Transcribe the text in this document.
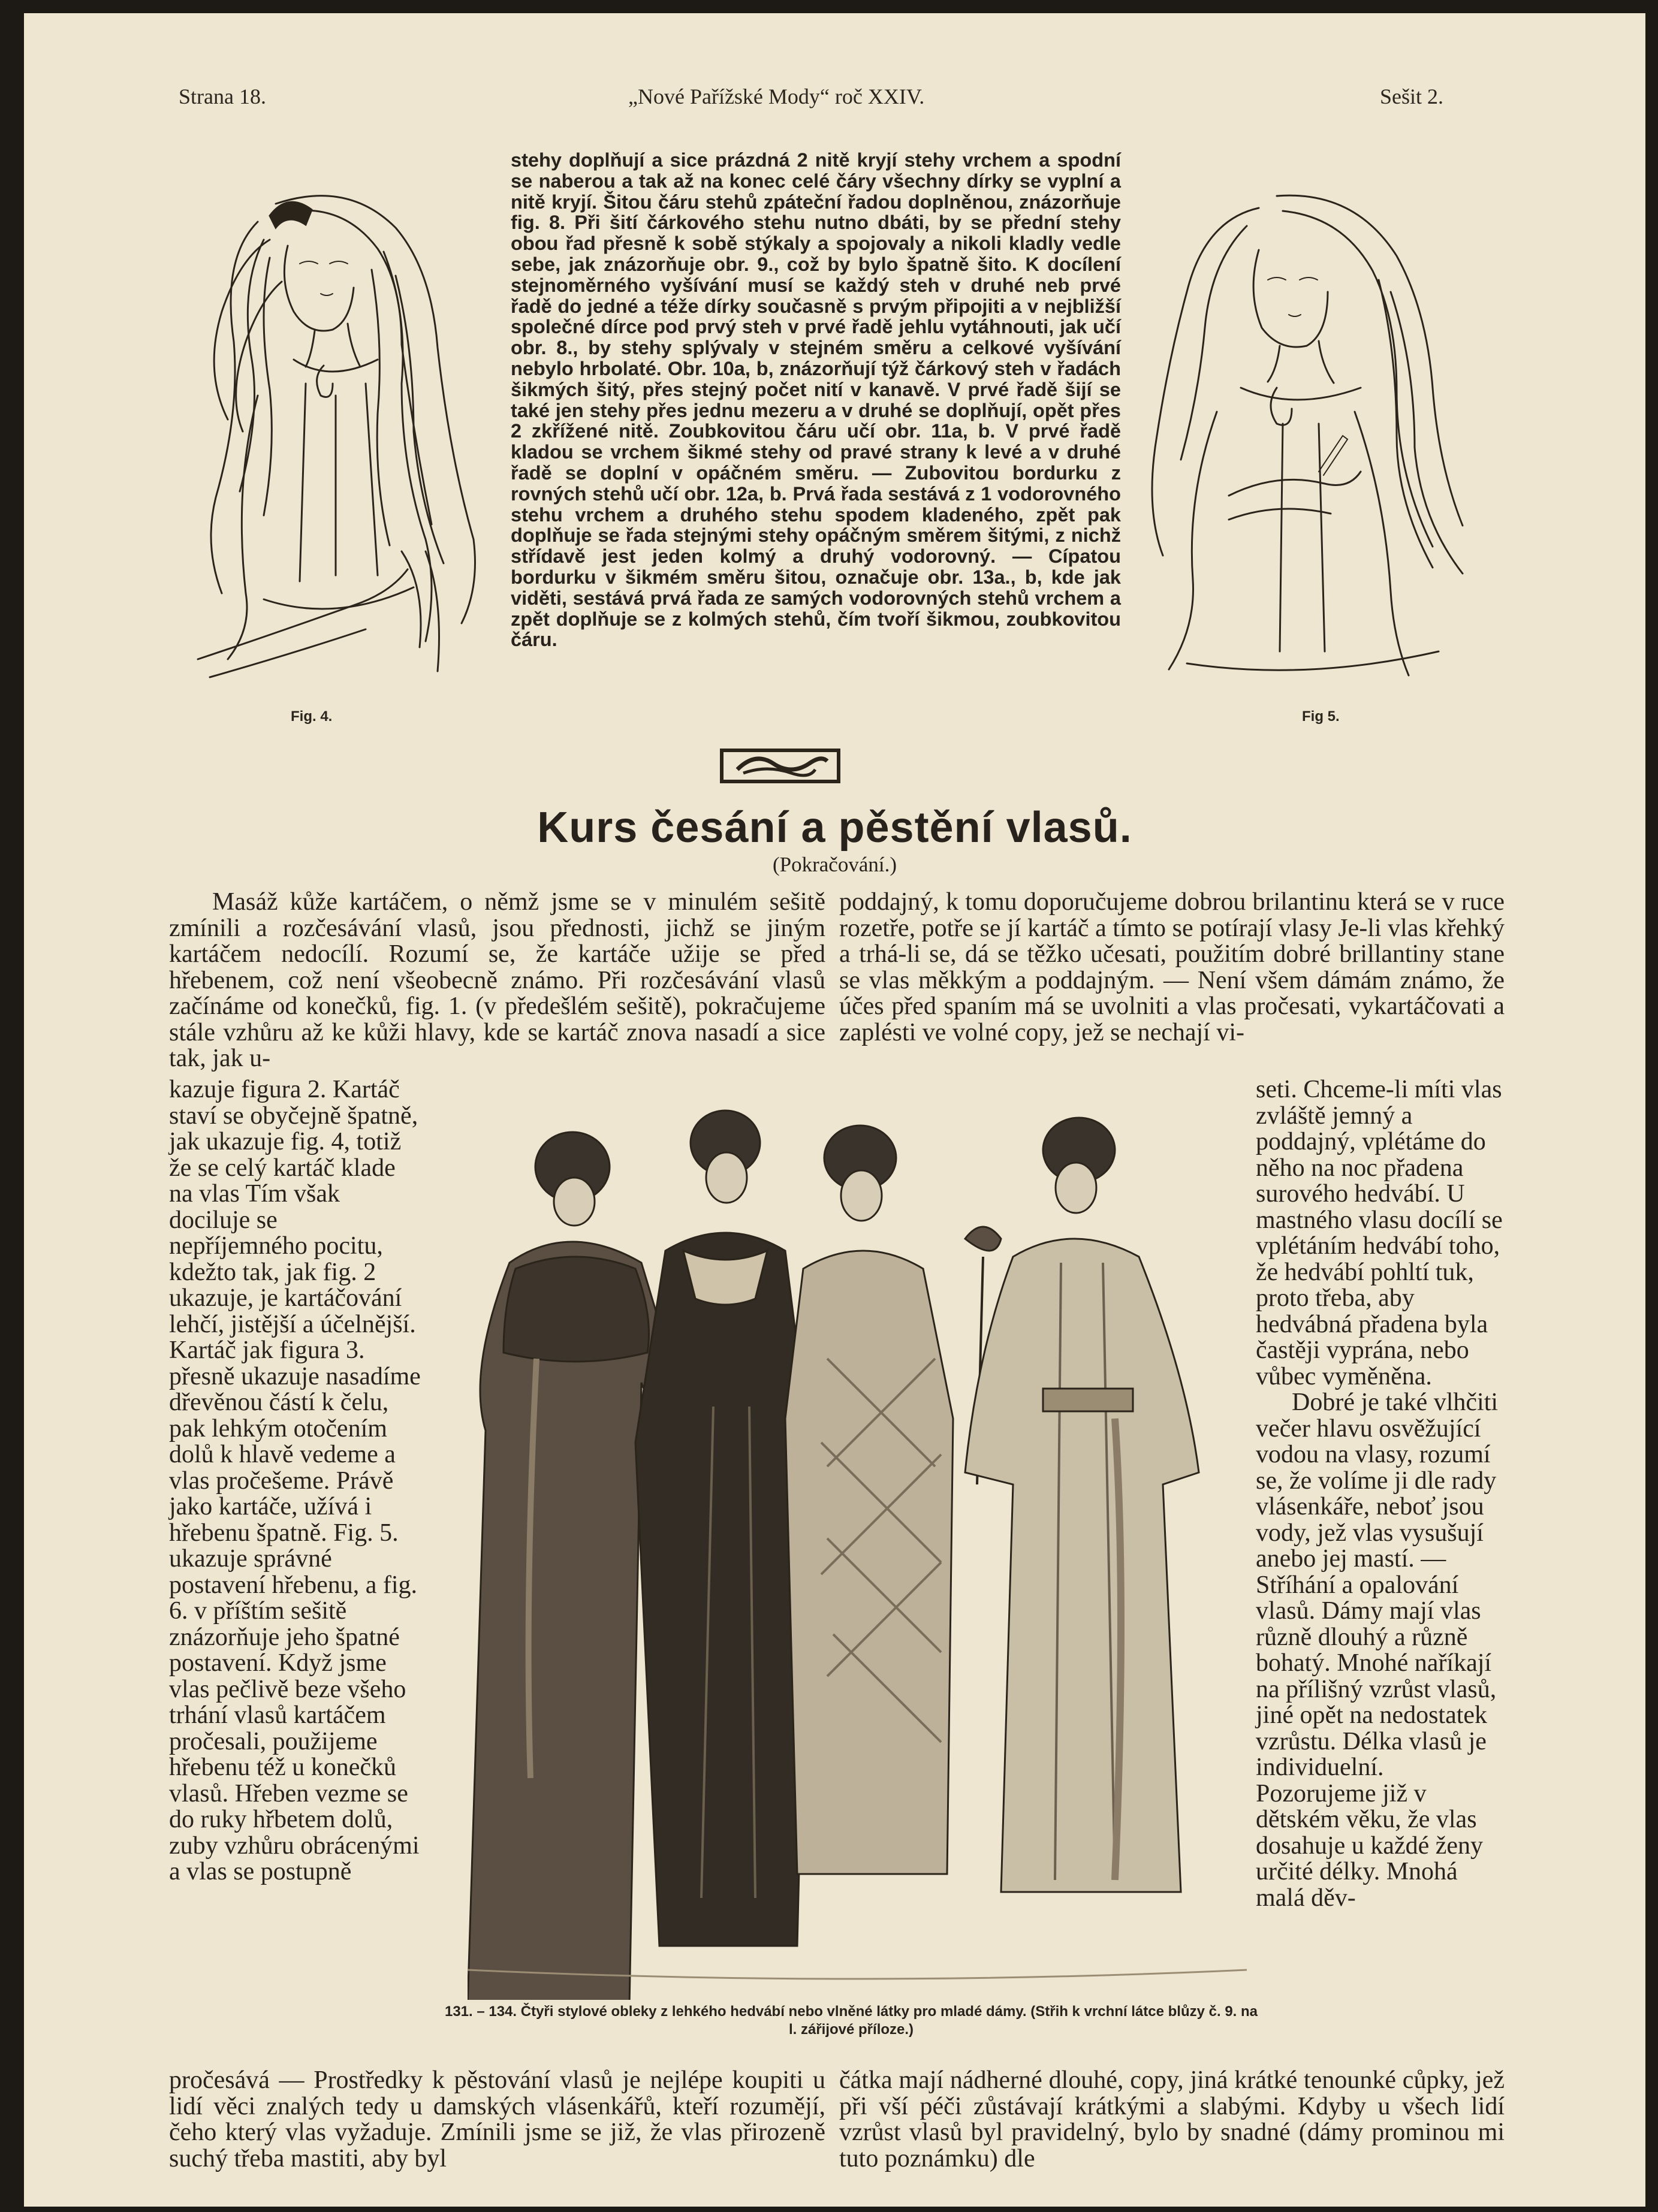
Strana 18.	„Nové Pařížské Mody“ roč XXIV.	Sešit 2.
Fig. 4.	Fig 5.

stehy doplňují a sice prázdná 2 nitě kryjí stehy vrchem a spodní se naberou a tak až na konec celé čáry všechny dírky se vyplní a nitě kryjí. Šitou čáru stehů zpáteční řadou doplněnou, znázorňuje fig. 8. Při šití čárkového stehu nutno dbáti, by se přední stehy obou řad přesně k sobě stýkaly a spojovaly a nikoli kladly vedle sebe, jak znázorňuje obr. 9., což by bylo špatně šito. K docílení stejnoměrného vyšívání musí se každý steh v druhé neb prvé řadě do jedné a téže dírky současně s prvým připojiti a v nejbližší společné dírce pod prvý steh v prvé řadě jehlu vytáhnouti, jak učí obr. 8., by stehy splývaly v stejném směru a celkové vyšívání nebylo hrbolaté. Obr. 10a, b, znázorňují týž čárkový steh v řadách šikmých šitý, přes stejný počet nití v kanavě. V prvé řadě šijí se také jen stehy přes jednu mezeru a v druhé se doplňují, opět přes 2 zkřížené nitě. Zoubkovitou čáru učí obr. 11a, b. V prvé řadě kladou se vrchem šikmé stehy od pravé strany k levé a v druhé řadě se doplní v opáčném směru. — Zubovitou bordurku z rovných stehů učí obr. 12a, b. Prvá řada sestává z 1 vodorovného stehu vrchem a druhého stehu spodem kladeného, zpět pak doplňuje se řada stejnými stehy opáčným směrem šitými, z nichž střídavě jest jeden kolmý a druhý vodorovný. — Cípatou bordurku v šikmém směru šitou, označuje obr. 13a., b, kde jak viděti, sestává prvá řada ze samých vodorovných stehů vrchem a zpět doplňuje se z kolmých stehů, čím tvoří šikmou, zoubkovitou čáru.

Kurs česání a pěstění vlasů.
(Pokračování.)

Masáž kůže kartáčem, o němž jsme se v minulém sešitě zmínili a rozčesávání vlasů, jsou přednosti, jichž se jiným kartáčem nedocílí. Rozumí se, že kartáče užije se před hřebenem, což není všeobecně známo. Při rozčesávání vlasů začínáme od konečků, fig. 1. (v předešlém sešitě), pokračujeme stále vzhůru až ke kůži hlavy, kde se kartáč znova nasadí a sice tak, jak u-

poddajný, k tomu doporučujeme dobrou brilantinu která se v ruce rozetře, potře se jí kartáč a tímto se potírají vlasy Je-li vlas křehký a trhá-li se, dá se těžko učesati, použitím dobré brillantiny stane se vlas měkkým a poddajným. — Není všem dámám známo, že účes před spaním má se uvolniti a vlas pročesati, vykartáčovati a zaplésti ve volné copy, jež se nechají vi-

kazuje figura 2. Kartáč staví se obyčejně špatně, jak ukazuje fig. 4, totiž že se celý kartáč klade na vlas Tím však dociluje se nepříjemného pocitu, kdežto tak, jak fig. 2 ukazuje, je kartáčování lehčí, jistější a účelnější. Kartáč jak figura 3. přesně ukazuje nasadíme dřevěnou částí k čelu, pak lehkým otočením dolů k hlavě vedeme a vlas pročešeme. Právě jako kartáče, užívá i hřebenu špatně. Fig. 5. ukazuje správné postavení hřebenu, a fig. 6. v příštím sešitě znázorňuje jeho špatné postavení. Když jsme vlas pečlivě beze všeho trhání vlasů kartáčem pročesali, použijeme hřebenu též u konečků vlasů. Hřeben vezme se do ruky hřbetem dolů, zuby vzhůru obrácenými a vlas se postupně

seti. Chceme-li míti vlas zvláště jemný a poddajný, vplétáme do něho na noc přadena surového hedvábí. U mastného vlasu docílí se vplétáním hedvábí toho, že hedvábí pohltí tuk, proto třeba, aby hedvábná přadena byla častěji vyprána, nebo vůbec vyměněna.
Dobré je také vlhčiti večer hlavu osvěžující vodou na vlasy, rozumí se, že volíme ji dle rady vlásenkáře, neboť jsou vody, jež vlas vysušují anebo jej mastí. — Stříhání a opalování vlasů. Dámy mají vlas různě dlouhý a různě bohatý. Mnohé naříkají na přílišný vzrůst vlasů, jiné opět na nedostatek vzrůstu. Délka vlasů je individuelní. Pozorujeme již v dětském věku, že vlas dosahuje u každé ženy určité délky. Mnohá malá děv-

131. – 134. Čtyři stylové obleky z lehkého hedvábí nebo vlněné látky pro mladé dámy. (Střih k vrchní látce blůzy č. 9. na l. zářijové příloze.)

pročesává — Prostředky k pěstování vlasů je nejlépe koupiti u lidí věci znalých tedy u damských vlásenkářů, kteří rozumějí, čeho který vlas vyžaduje. Zmínili jsme se již, že vlas přirozeně suchý třeba mastiti, aby byl

čátka mají nádherné dlouhé, copy, jiná krátké tenounké cůpky, jež při vší péči zůstávají krátkými a slabými. Kdyby u všech lidí vzrůst vlasů byl pravidelný, bylo by snadné (dámy prominou mi tuto poznámku) dle
